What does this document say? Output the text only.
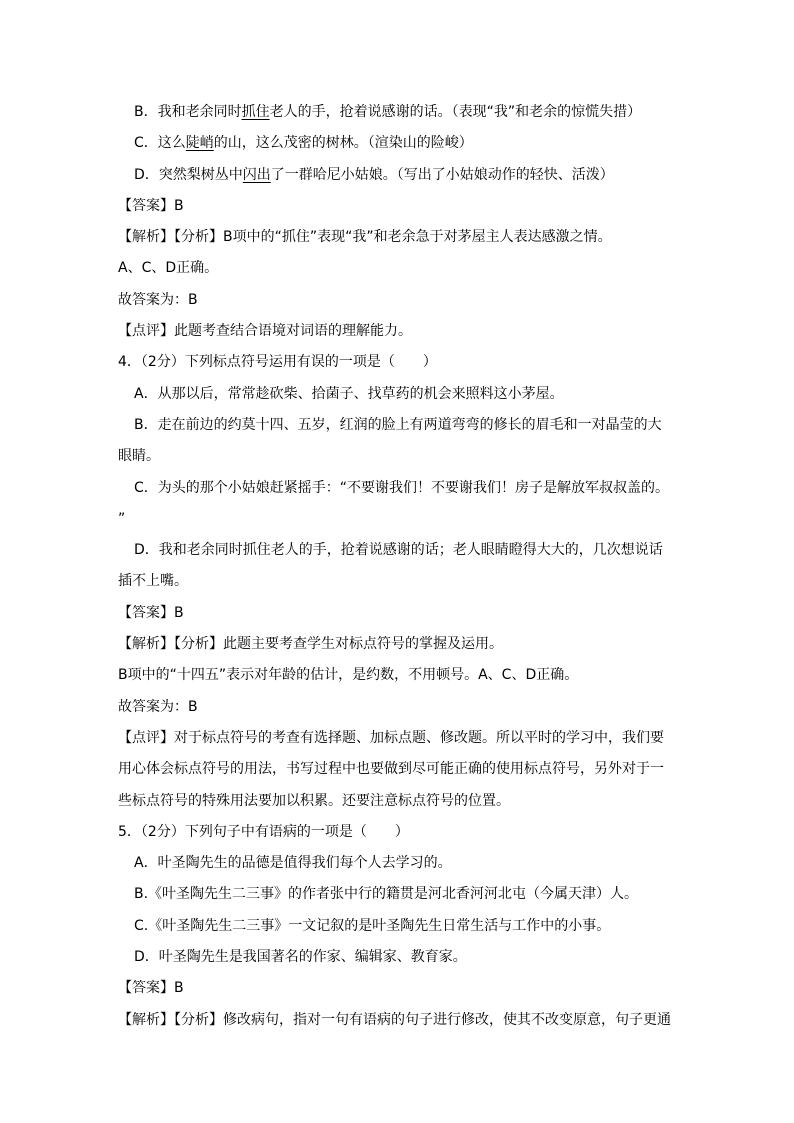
B．我和老余同时抓住老人的手，抢着说感谢的话。（表现“我”和老余的惊慌失措）
C．这么陡峭的山，这么茂密的树林。（渲染山的险峻）
D．突然梨树丛中闪出了一群哈尼小姑娘。（写出了小姑娘动作的轻快、活泼）
【答案】B
【解析】【分析】B项中的“抓住”表现“我”和老余急于对茅屋主人表达感激之情。
A、C、D正确。
故答案为：B
【点评】此题考查结合语境对词语的理解能力。
4．（2分）下列标点符号运用有误的一项是（　　）
A．从那以后，常常趁砍柴、拾菌子、找草药的机会来照料这小茅屋。
B．走在前边的约莫十四、五岁，红润的脸上有两道弯弯的修长的眉毛和一对晶莹的大
眼睛。
C．为头的那个小姑娘赶紧摇手：“不要谢我们！不要谢我们！房子是解放军叔叔盖的。
”
D．我和老余同时抓住老人的手，抢着说感谢的话；老人眼睛瞪得大大的，几次想说话
插不上嘴。
【答案】B
【解析】【分析】此题主要考查学生对标点符号的掌握及运用。
B项中的“十四五”表示对年龄的估计，是约数，不用顿号。A、C、D正确。
故答案为：B
【点评】对于标点符号的考查有选择题、加标点题、修改题。所以平时的学习中，我们要
用心体会标点符号的用法，书写过程中也要做到尽可能正确的使用标点符号，另外对于一
些标点符号的特殊用法要加以积累。还要注意标点符号的位置。
5．（2分）下列句子中有语病的一项是（　　）
A．叶圣陶先生的品德是值得我们每个人去学习的。
B.《叶圣陶先生二三事》的作者张中行的籍贯是河北香河河北屯（今属天津）人。
C.《叶圣陶先生二三事》一文记叙的是叶圣陶先生日常生活与工作中的小事。
D．叶圣陶先生是我国著名的作家、编辑家、教育家。
【答案】B
【解析】【分析】修改病句，指对一句有语病的句子进行修改，使其不改变原意，句子更通
